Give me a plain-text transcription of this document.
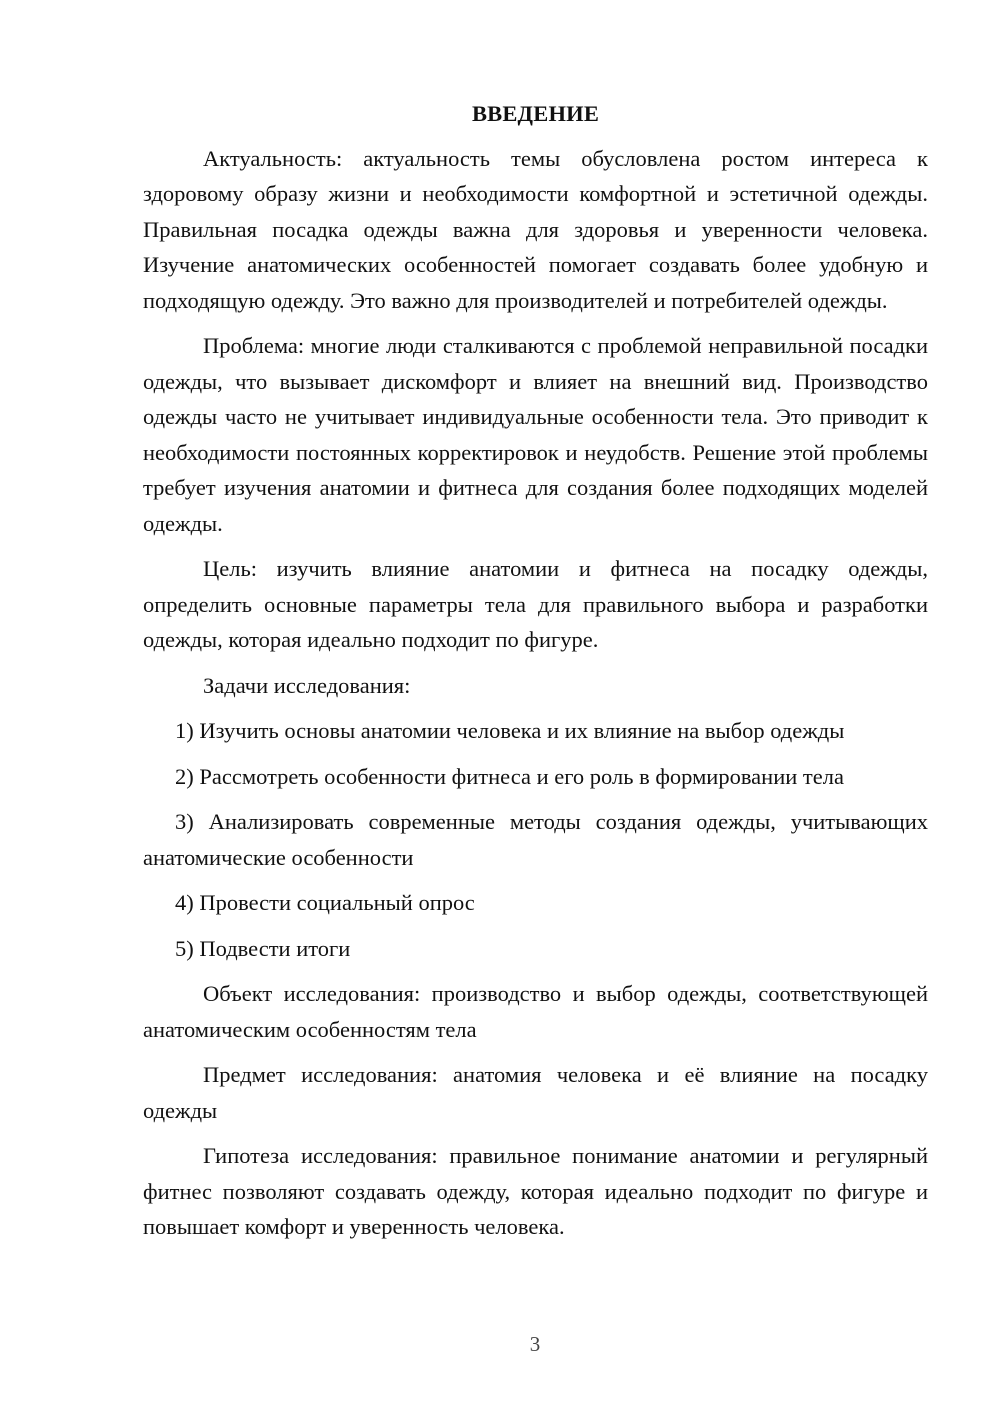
ВВЕДЕНИЕ
Актуальность: актуальность темы обусловлена ростом интереса к здоровому образу жизни и необходимости комфортной и эстетичной одежды. Правильная посадка одежды важна для здоровья и уверенности человека. Изучение анатомических особенностей помогает создавать более удобную и подходящую одежду. Это важно для производителей и потребителей одежды.
Проблема: многие люди сталкиваются с проблемой неправильной посадки одежды, что вызывает дискомфорт и влияет на внешний вид. Производство одежды часто не учитывает индивидуальные особенности тела. Это приводит к необходимости постоянных корректировок и неудобств. Решение этой проблемы требует изучения анатомии и фитнеса для создания более подходящих моделей одежды.
Цель: изучить влияние анатомии и фитнеса на посадку одежды, определить основные параметры тела для правильного выбора и разработки одежды, которая идеально подходит по фигуре.
Задачи исследования:
1) Изучить основы анатомии человека и их влияние на выбор одежды
2) Рассмотреть особенности фитнеса и его роль в формировании тела
3) Анализировать современные методы создания одежды, учитывающих анатомические особенности
4) Провести социальный опрос
5) Подвести итоги
Объект исследования: производство и выбор одежды, соответствующей анатомическим особенностям тела
Предмет исследования: анатомия человека и её влияние на посадку одежды
Гипотеза исследования: правильное понимание анатомии и регулярный фитнес позволяют создавать одежду, которая идеально подходит по фигуре и повышает комфорт и уверенность человека.
3
